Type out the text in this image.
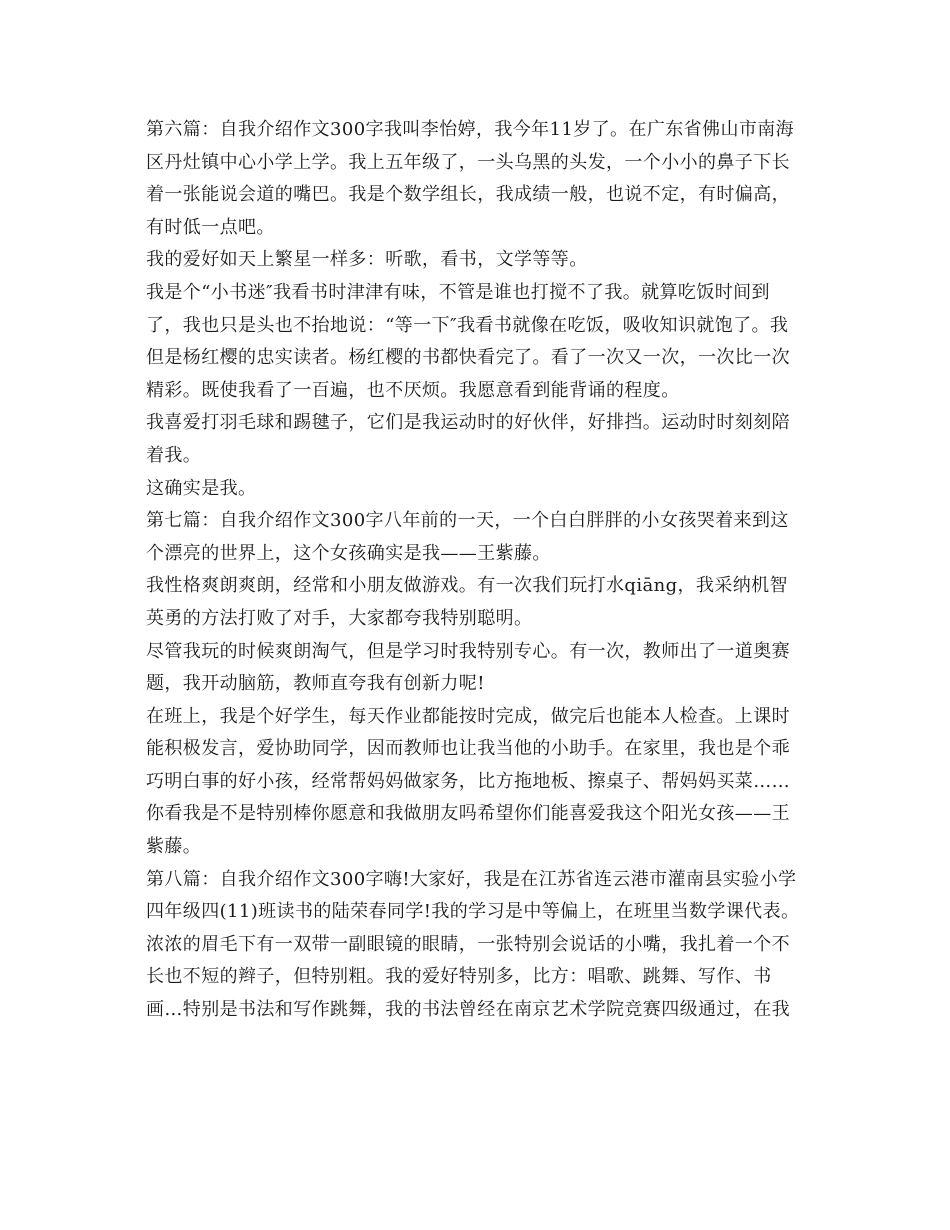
第六篇：自我介绍作文300字我叫李怡婷，我今年11岁了。在广东省佛山市南海
区丹灶镇中心小学上学。我上五年级了，一头乌黑的头发，一个小小的鼻子下长
着一张能说会道的嘴巴。我是个数学组长，我成绩一般，也说不定，有时偏高，
有时低一点吧。
我的爱好如天上繁星一样多：听歌，看书，文学等等。
我是个“小书迷″我看书时津津有味，不管是谁也打搅不了我。就算吃饭时间到
了，我也只是头也不抬地说：“等一下″我看书就像在吃饭，吸收知识就饱了。我
但是杨红樱的忠实读者。杨红樱的书都快看完了。看了一次又一次，一次比一次
精彩。既使我看了一百遍，也不厌烦。我愿意看到能背诵的程度。
我喜爱打羽毛球和踢毽子，它们是我运动时的好伙伴，好排挡。运动时时刻刻陪
着我。
这确实是我。
第七篇：自我介绍作文300字八年前的一天，一个白白胖胖的小女孩哭着来到这
个漂亮的世界上，这个女孩确实是我——王紫藤。
我性格爽朗爽朗，经常和小朋友做游戏。有一次我们玩打水qiāng，我采纳机智
英勇的方法打败了对手，大家都夸我特别聪明。
尽管我玩的时候爽朗淘气，但是学习时我特别专心。有一次，教师出了一道奥赛
题，我开动脑筋，教师直夸我有创新力呢!
在班上，我是个好学生，每天作业都能按时完成，做完后也能本人检查。上课时
能积极发言，爱协助同学，因而教师也让我当他的小助手。在家里，我也是个乖
巧明白事的好小孩，经常帮妈妈做家务，比方拖地板、擦桌子、帮妈妈买菜……
你看我是不是特别棒你愿意和我做朋友吗希望你们能喜爱我这个阳光女孩——王
紫藤。
第八篇：自我介绍作文300字嗨!大家好，我是在江苏省连云港市灌南县实验小学
四年级四(11)班读书的陆荣春同学!我的学习是中等偏上，在班里当数学课代表。
浓浓的眉毛下有一双带一副眼镜的眼睛，一张特别会说话的小嘴，我扎着一个不
长也不短的辫子，但特别粗。我的爱好特别多，比方：唱歌、跳舞、写作、书
画…特别是书法和写作跳舞，我的书法曾经在南京艺术学院竞赛四级通过，在我
